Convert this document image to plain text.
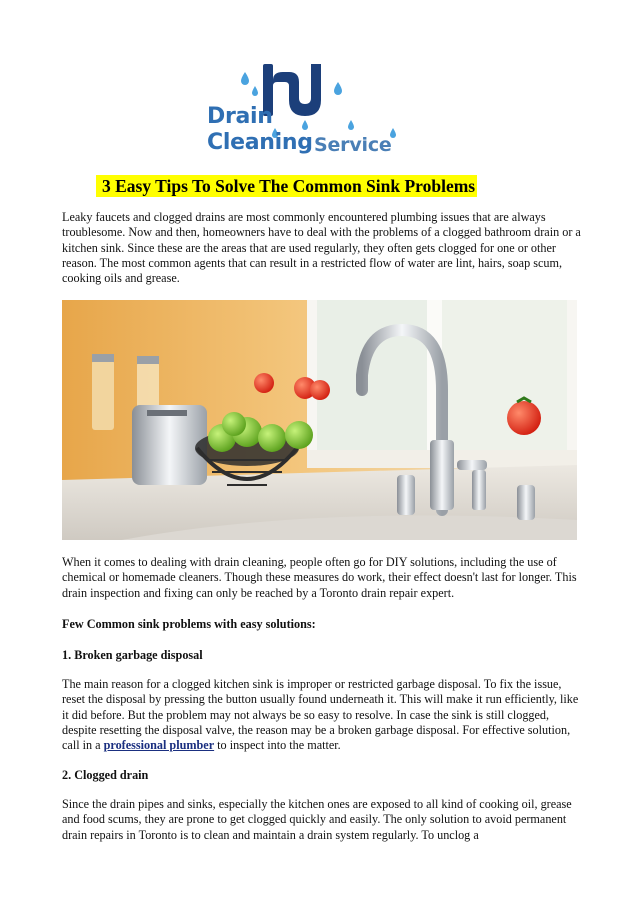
Drain
Cleaning Service
3 Easy Tips To Solve The Common Sink Problems

Leaky faucets and clogged drains are most commonly encountered plumbing issues that are always troublesome. Now and then, homeowners have to deal with the problems of a clogged bathroom drain or a kitchen sink. Since these are the areas that are used regularly, they often gets clogged for one or other reason. The most common agents that can result in a restricted flow of water are lint, hairs, soap scum, cooking oils and grease.

When it comes to dealing with drain cleaning, people often go for DIY solutions, including the use of chemical or homemade cleaners. Though these measures do work, their effect doesn't last for longer. This drain inspection and fixing can only be reached by a Toronto drain repair expert.

Few Common sink problems with easy solutions:

1. Broken garbage disposal

The main reason for a clogged kitchen sink is improper or restricted garbage disposal. To fix the issue, reset the disposal by pressing the button usually found underneath it. This will make it run efficiently, like it did before. But the problem may not always be so easy to resolve. In case the sink is still clogged, despite resetting the disposal valve, the reason may be a broken garbage disposal. For effective solution, call in a professional plumber to inspect into the matter.

2. Clogged drain

Since the drain pipes and sinks, especially the kitchen ones are exposed to all kind of cooking oil, grease and food scums, they are prone to get clogged quickly and easily. The only solution to avoid permanent drain repairs in Toronto is to clean and maintain a drain system regularly. To unclog a
